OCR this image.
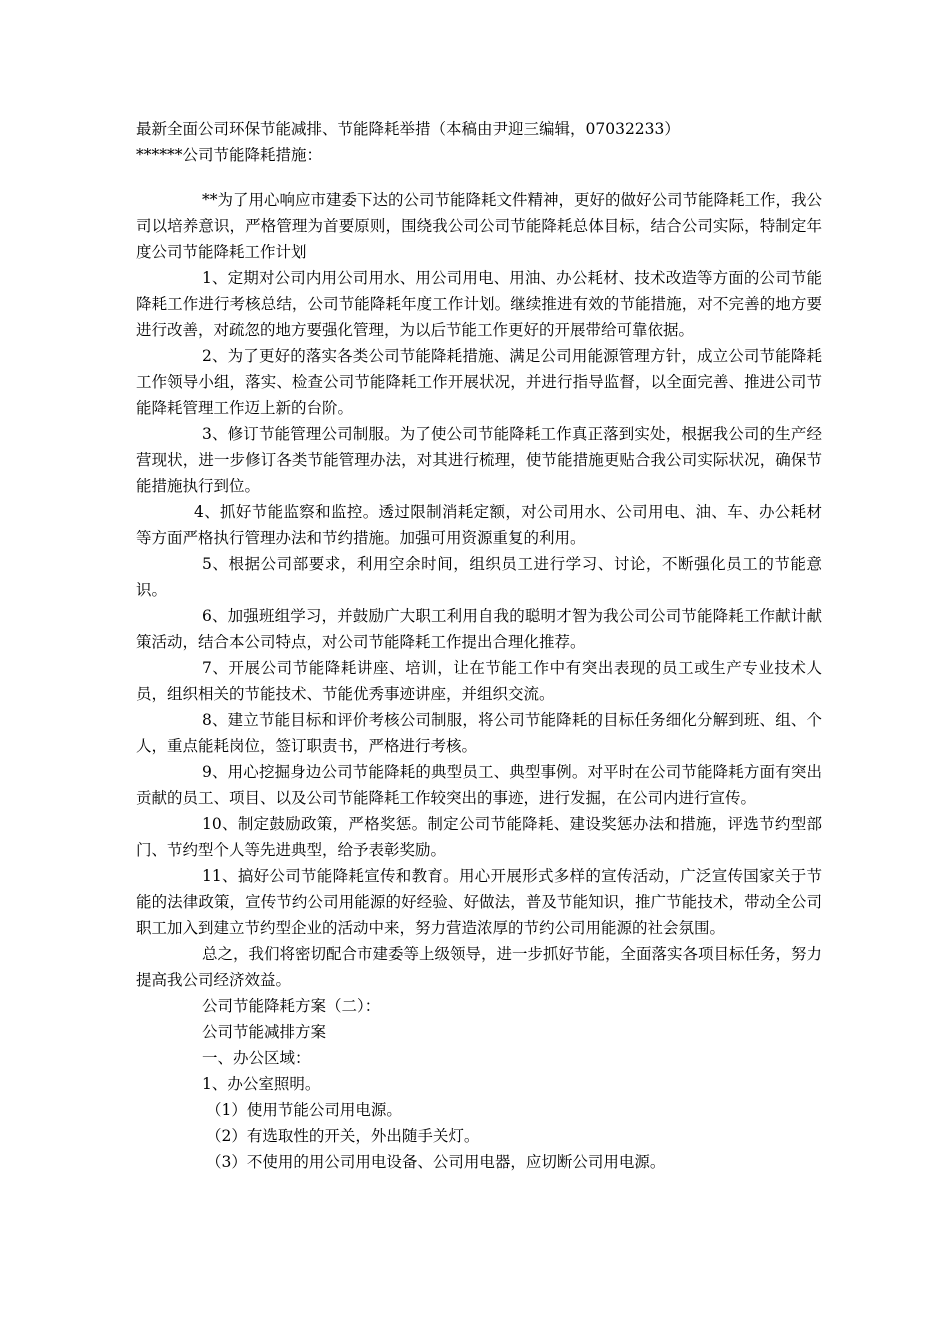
最新全面公司环保节能减排、节能降耗举措（本稿由尹迎三编辑，07032233）

******公司节能降耗措施：

**为了用心响应市建委下达的公司节能降耗文件精神，更好的做好公司节能降耗工作，我公司以培养意识，严格管理为首要原则，围绕我公司公司节能降耗总体目标，结合公司实际，特制定年度公司节能降耗工作计划

1、定期对公司内用公司用水、用公司用电、用油、办公耗材、技术改造等方面的公司节能降耗工作进行考核总结，公司节能降耗年度工作计划。继续推进有效的节能措施，对不完善的地方要进行改善，对疏忽的地方要强化管理，为以后节能工作更好的开展带给可靠依据。

2、为了更好的落实各类公司节能降耗措施、满足公司用能源管理方针，成立公司节能降耗工作领导小组，落实、检查公司节能降耗工作开展状况，并进行指导监督，以全面完善、推进公司节能降耗管理工作迈上新的台阶。

3、修订节能管理公司制服。为了使公司节能降耗工作真正落到实处，根据我公司的生产经营现状，进一步修订各类节能管理办法，对其进行梳理，使节能措施更贴合我公司实际状况，确保节能措施执行到位。

4、抓好节能监察和监控。透过限制消耗定额，对公司用水、公司用电、油、车、办公耗材等方面严格执行管理办法和节约措施。加强可用资源重复的利用。

5、根据公司部要求，利用空余时间，组织员工进行学习、讨论，不断强化员工的节能意识。

6、加强班组学习，并鼓励广大职工利用自我的聪明才智为我公司公司节能降耗工作献计献策活动，结合本公司特点，对公司节能降耗工作提出合理化推荐。

7、开展公司节能降耗讲座、培训，让在节能工作中有突出表现的员工或生产专业技术人员，组织相关的节能技术、节能优秀事迹讲座，并组织交流。

8、建立节能目标和评价考核公司制服，将公司节能降耗的目标任务细化分解到班、组、个人，重点能耗岗位，签订职责书，严格进行考核。

9、用心挖掘身边公司节能降耗的典型员工、典型事例。对平时在公司节能降耗方面有突出贡献的员工、项目、以及公司节能降耗工作较突出的事迹，进行发掘，在公司内进行宣传。

10、制定鼓励政策，严格奖惩。制定公司节能降耗、建设奖惩办法和措施，评选节约型部门、节约型个人等先进典型，给予表彰奖励。

11、搞好公司节能降耗宣传和教育。用心开展形式多样的宣传活动，广泛宣传国家关于节能的法律政策，宣传节约公司用能源的好经验、好做法，普及节能知识，推广节能技术，带动全公司职工加入到建立节约型企业的活动中来，努力营造浓厚的节约公司用能源的社会氛围。

总之，我们将密切配合市建委等上级领导，进一步抓好节能，全面落实各项目标任务，努力提高我公司经济效益。

公司节能降耗方案（二）：

公司节能减排方案

一、办公区域：

1、办公室照明。

（1）使用节能公司用电源。

（2）有选取性的开关，外出随手关灯。

（3）不使用的用公司用电设备、公司用电器，应切断公司用电源。
